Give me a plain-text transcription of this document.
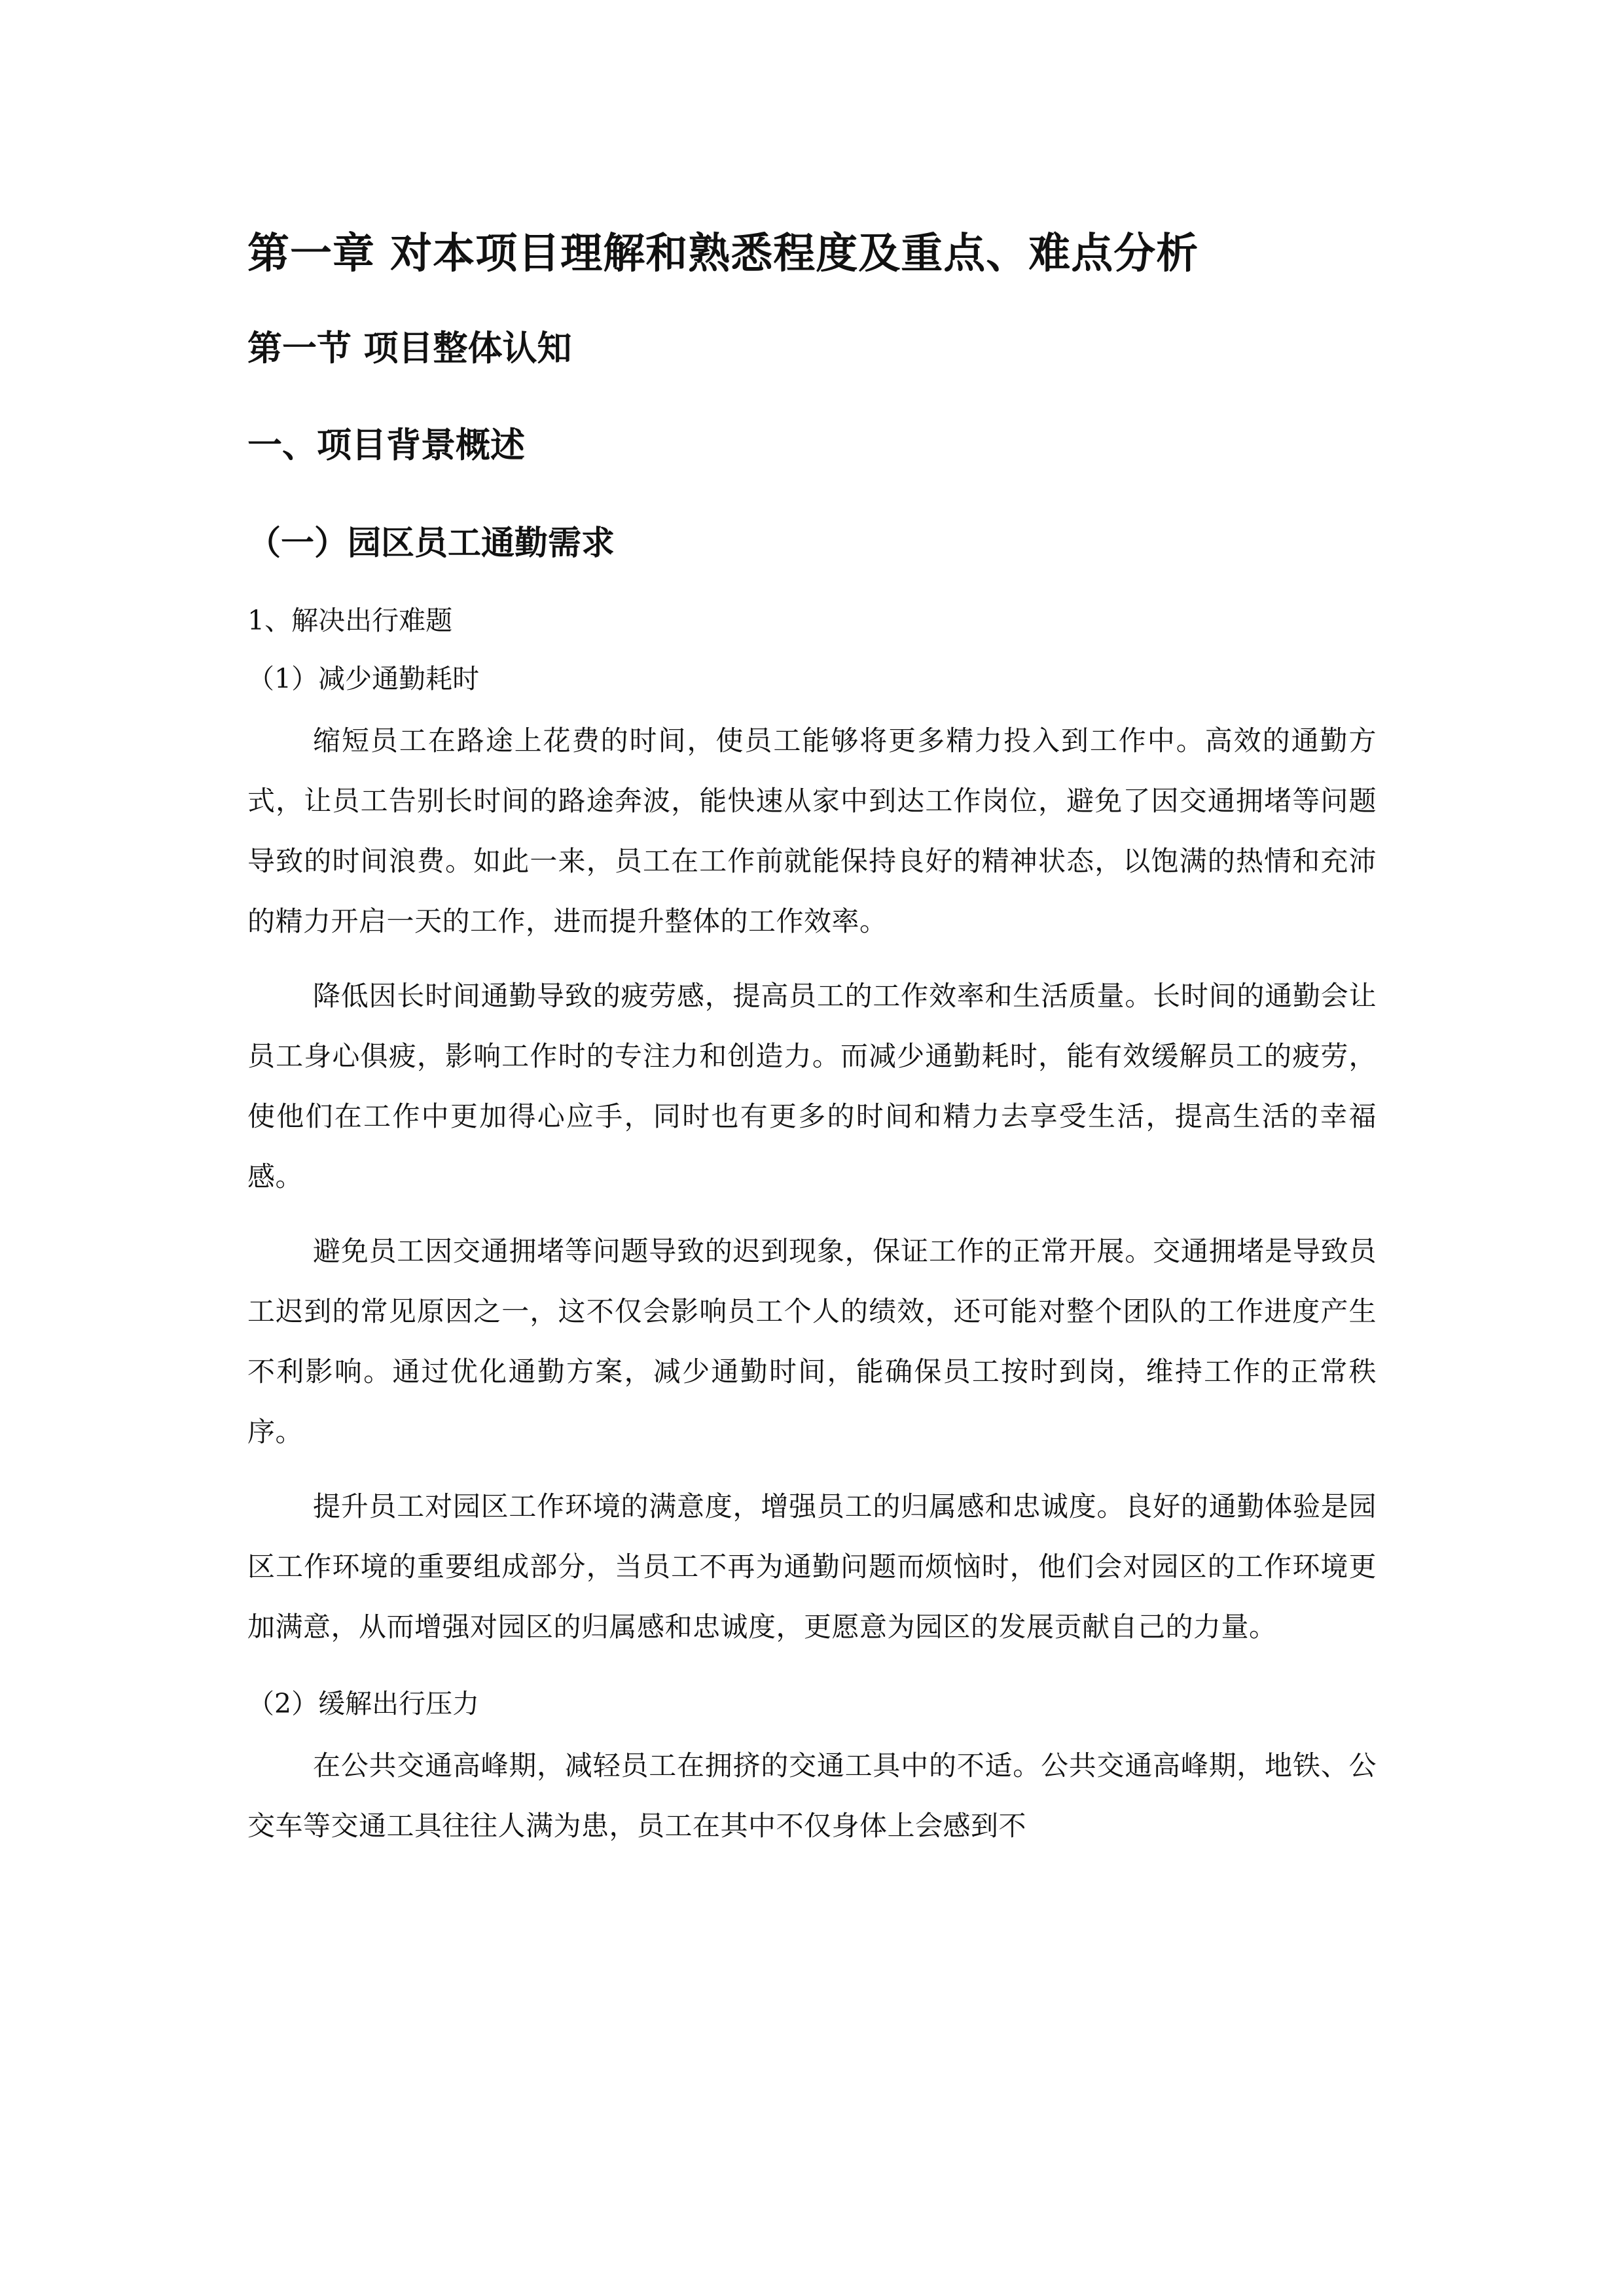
第一章 对本项目理解和熟悉程度及重点、难点分析
第一节 项目整体认知
一、项目背景概述
（一）园区员工通勤需求
1、解决出行难题
（1）减少通勤耗时

缩短员工在路途上花费的时间，使员工能够将更多精力投入到工作中。高效的通勤方式，让员工告别长时间的路途奔波，能快速从家中到达工作岗位，避免了因交通拥堵等问题导致的时间浪费。如此一来，员工在工作前就能保持良好的精神状态，以饱满的热情和充沛的精力开启一天的工作，进而提升整体的工作效率。

降低因长时间通勤导致的疲劳感，提高员工的工作效率和生活质量。长时间的通勤会让员工身心俱疲，影响工作时的专注力和创造力。而减少通勤耗时，能有效缓解员工的疲劳，使他们在工作中更加得心应手，同时也有更多的时间和精力去享受生活，提高生活的幸福感。

避免员工因交通拥堵等问题导致的迟到现象，保证工作的正常开展。交通拥堵是导致员工迟到的常见原因之一，这不仅会影响员工个人的绩效，还可能对整个团队的工作进度产生不利影响。通过优化通勤方案，减少通勤时间，能确保员工按时到岗，维持工作的正常秩序。

提升员工对园区工作环境的满意度，增强员工的归属感和忠诚度。良好的通勤体验是园区工作环境的重要组成部分，当员工不再为通勤问题而烦恼时，他们会对园区的工作环境更加满意，从而增强对园区的归属感和忠诚度，更愿意为园区的发展贡献自己的力量。

（2）缓解出行压力

在公共交通高峰期，减轻员工在拥挤的交通工具中的不适。公共交通高峰期，地铁、公交车等交通工具往往人满为患，员工在其中不仅身体上会感到不
